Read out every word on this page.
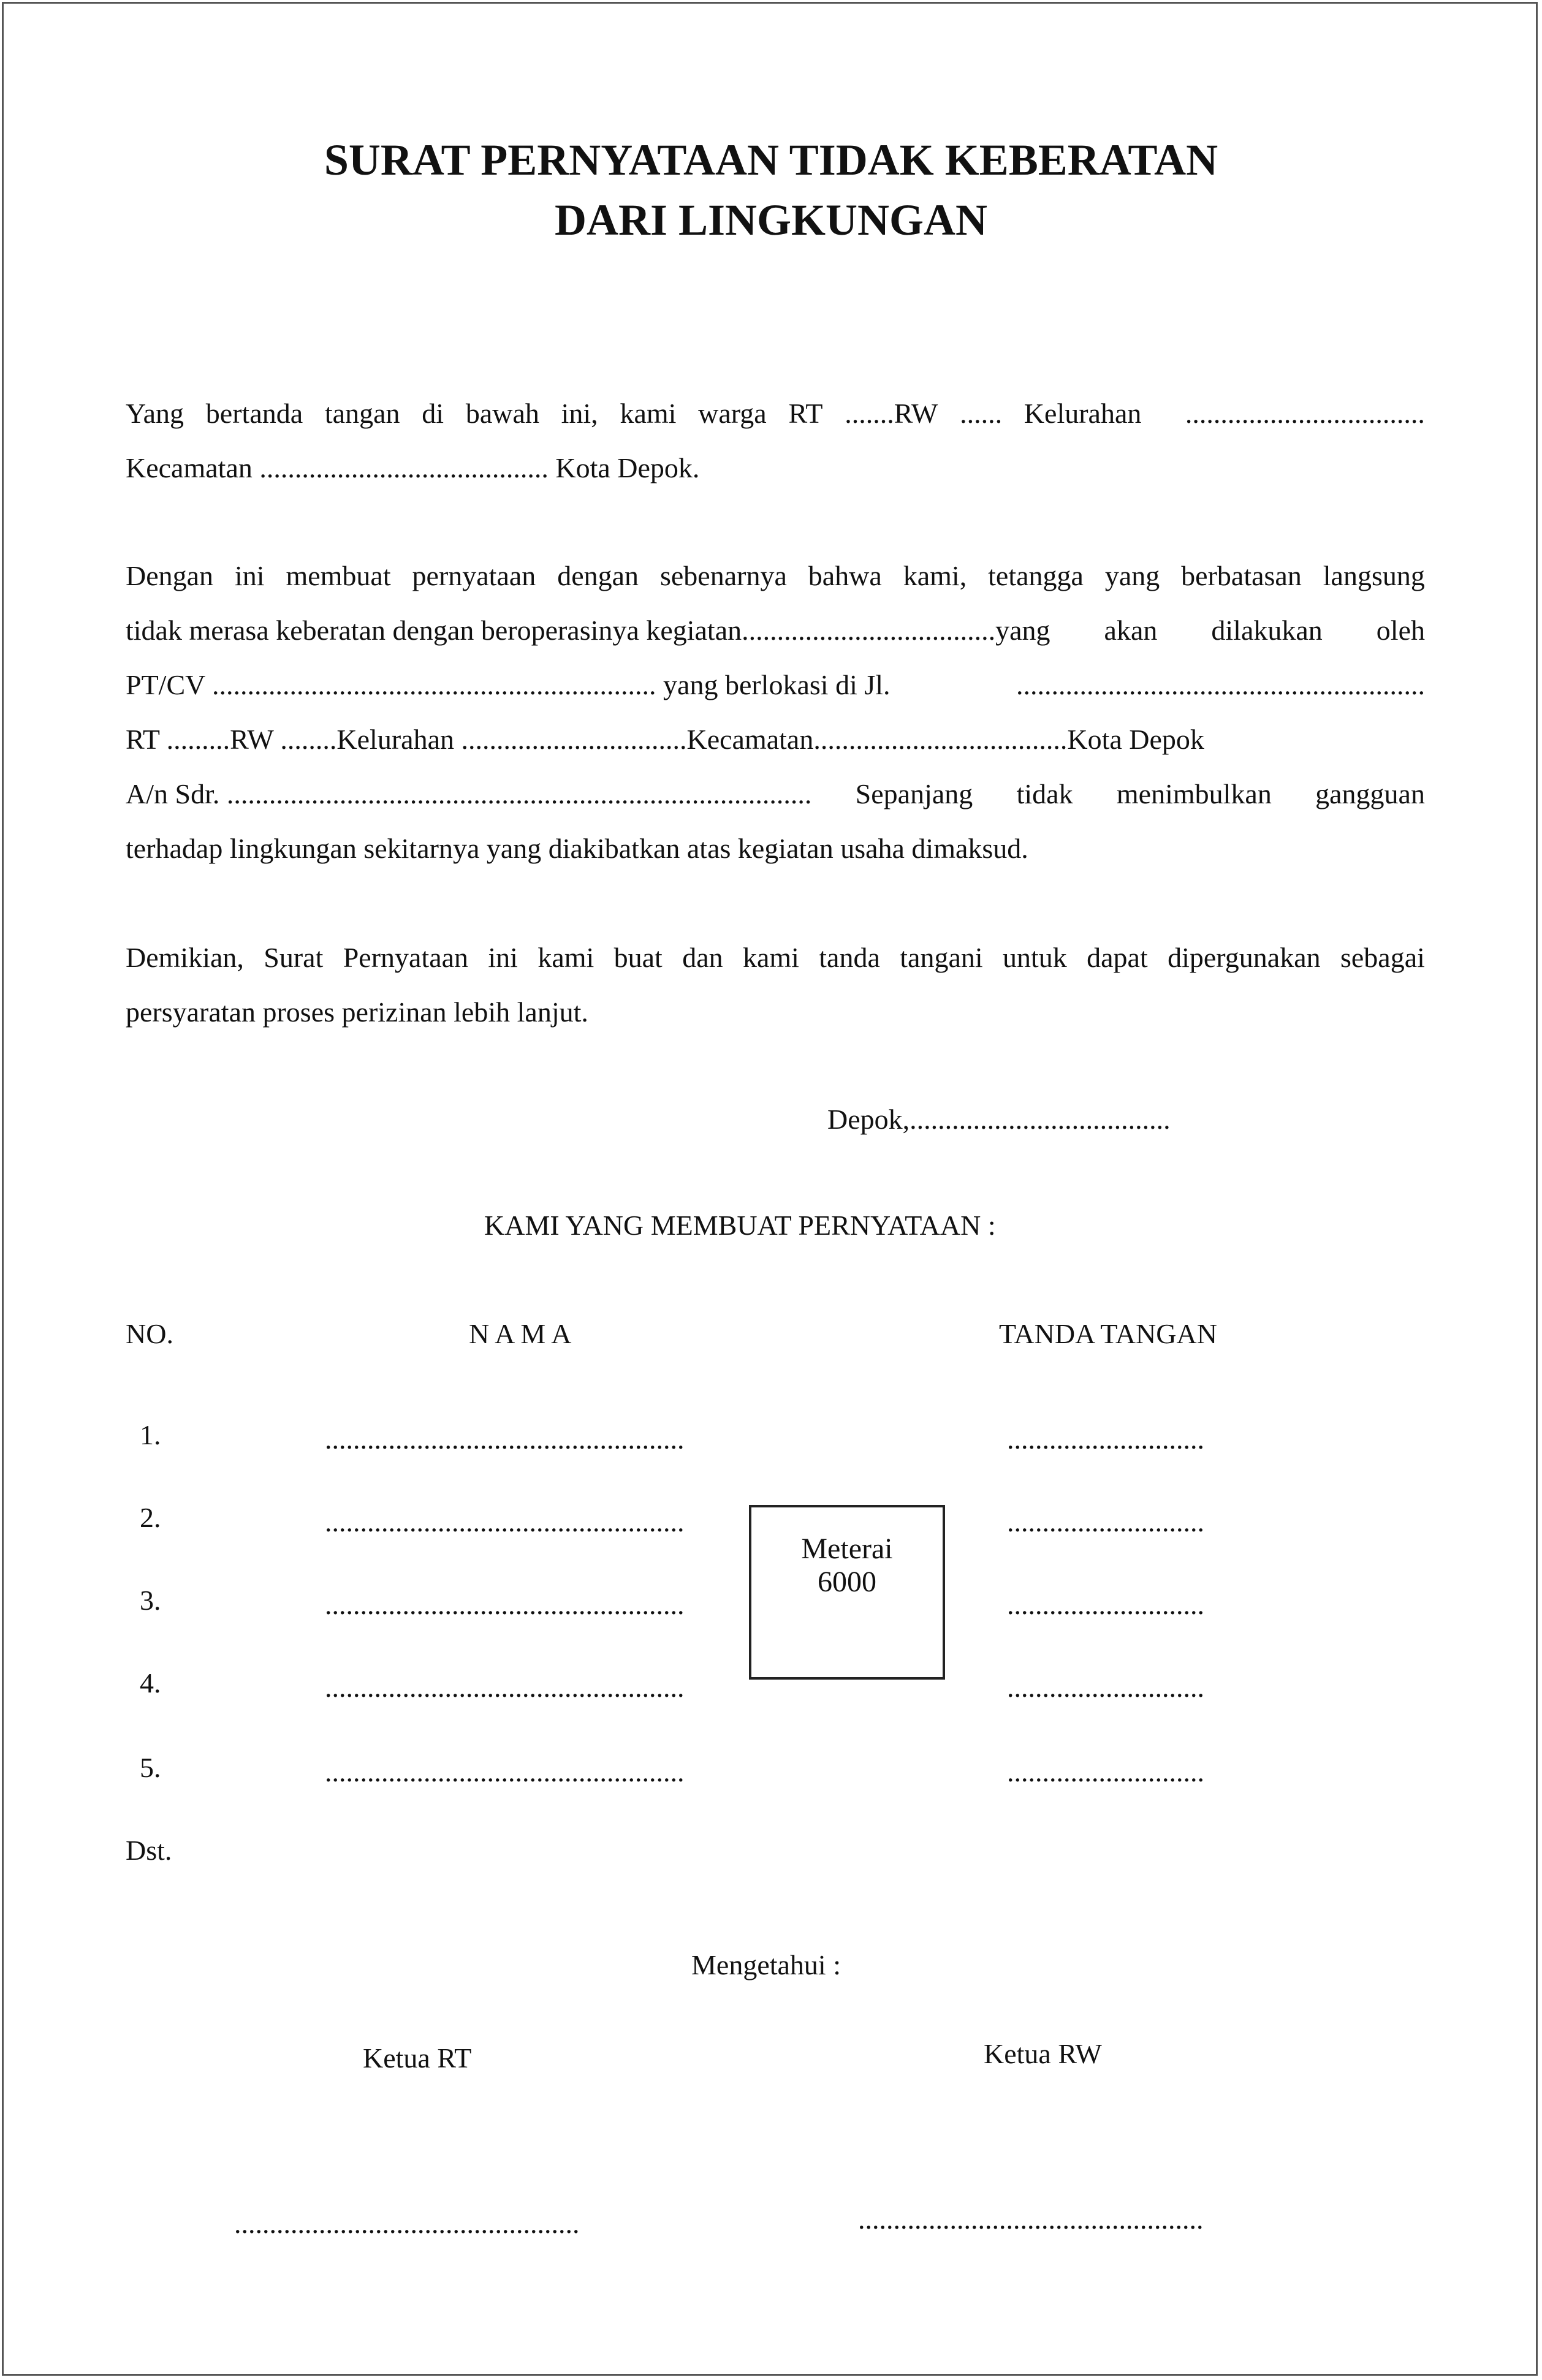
SURAT PERNYATAAN TIDAK KEBERATAN
DARI LINGKUNGAN
Yang bertanda tangan di bawah ini, kami warga RT .......RW ...... Kelurahan ..................................
Kecamatan ......................................... Kota Depok.
Dengan ini membuat pernyataan dengan sebenarnya bahwa kami, tetangga yang berbatasan langsung
tidak merasa keberatan dengan beroperasinya kegiatan....................................yang akan dilakukan oleh
PT/CV ............................................................... yang berlokasi di Jl.	..........................................................
RT .........RW ........Kelurahan ................................Kecamatan....................................Kota Depok
A/n Sdr. ................................................................................... Sepanjang tidak menimbulkan gangguan
terhadap lingkungan sekitarnya yang diakibatkan atas kegiatan usaha dimaksud.
Demikian, Surat Pernyataan ini kami buat dan kami tanda tangani untuk dapat dipergunakan sebagai
persyaratan proses perizinan lebih lanjut.
Depok,.....................................
KAMI YANG MEMBUAT PERNYATAAN :
NO.	N A M A	TANDA TANGAN
1.	...................................................	............................
2.	...................................................	............................
3.	...................................................	............................
4.	...................................................	............................
5.	...................................................	............................
Dst.
Meterai
6000
Mengetahui :
Ketua RT	Ketua RW
.................................................	.................................................
